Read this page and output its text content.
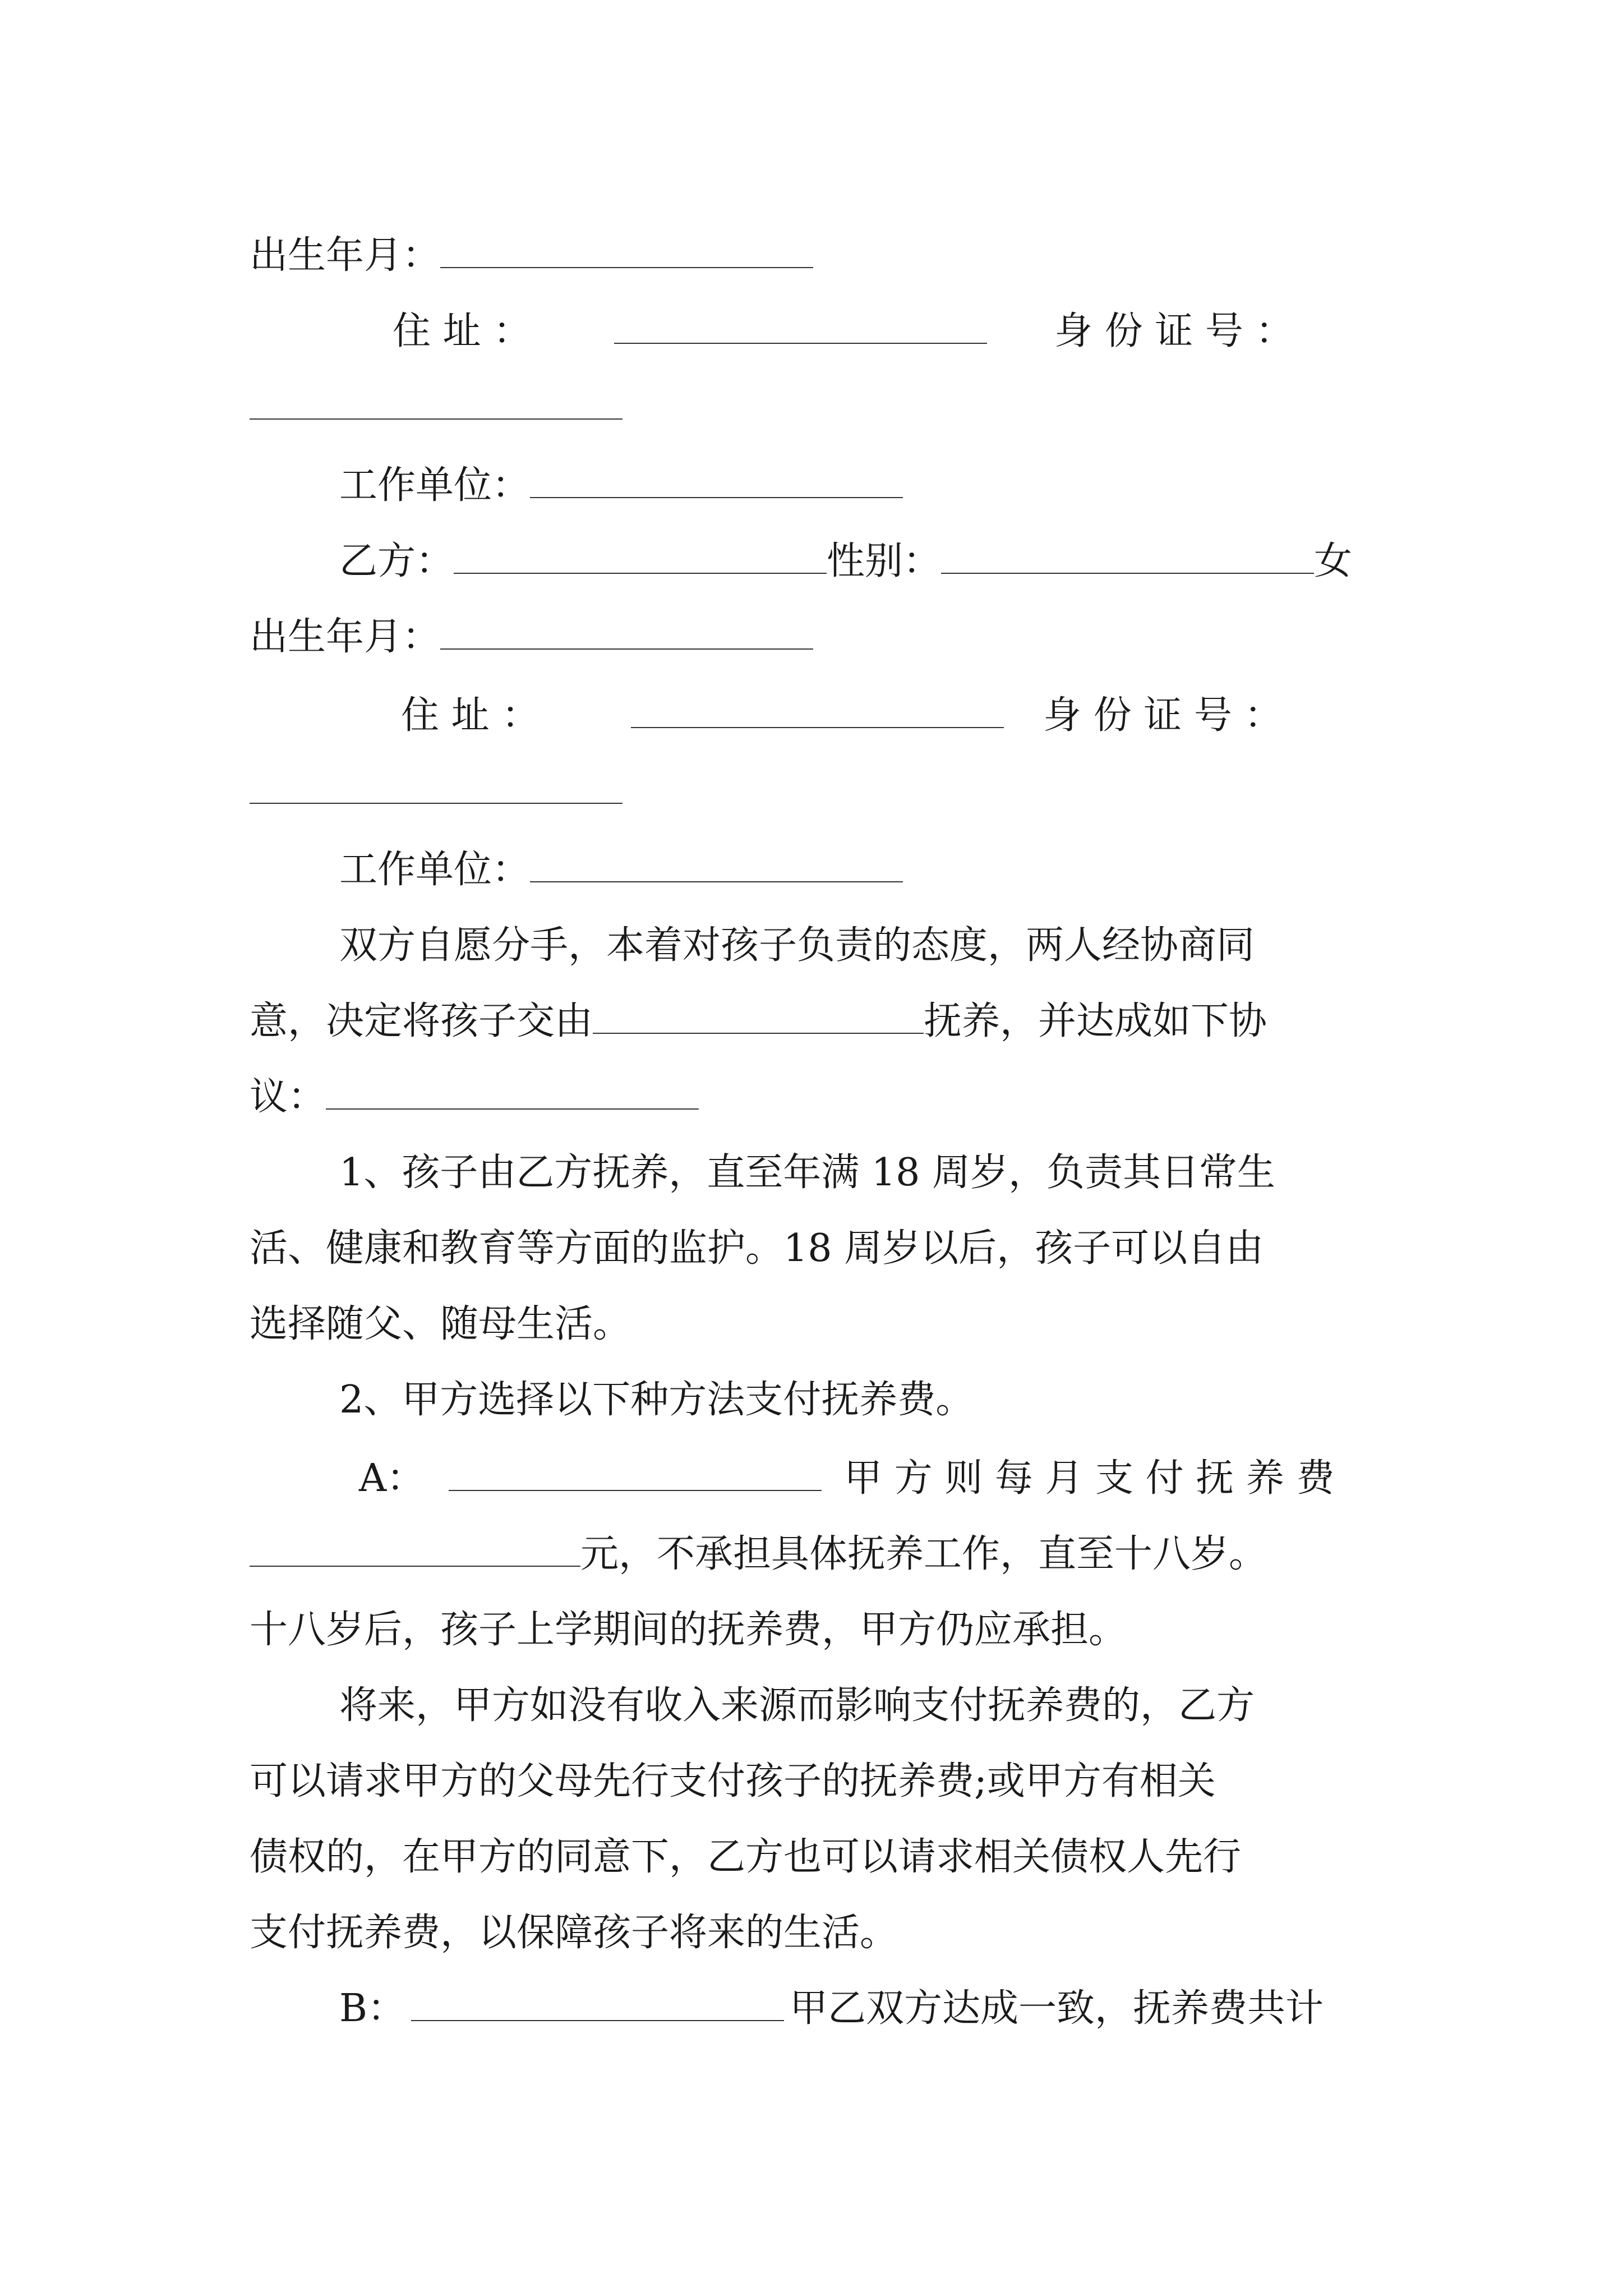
出生年月：
住 址 ：	身 份 证 号 ：
工作单位：
乙方：	性别：	女
出生年月：
住 址 ：	身 份 证 号 ：
工作单位：
双方自愿分手，本着对孩子负责的态度，两人经协商同
意，决定将孩子交由	抚养，并达成如下协
议：
1、孩子由乙方抚养，直至年满 18 周岁，负责其日常生
活、健康和教育等方面的监护。18 周岁以后，孩子可以自由
选择随父、随母生活。
2、甲方选择以下种方法支付抚养费。
A：	甲 方 则 每 月 支 付 抚 养 费
元，不承担具体抚养工作，直至十八岁。
十八岁后，孩子上学期间的抚养费，甲方仍应承担。
将来，甲方如没有收入来源而影响支付抚养费的，乙方
可以请求甲方的父母先行支付孩子的抚养费;或甲方有相关
债权的，在甲方的同意下，乙方也可以请求相关债权人先行
支付抚养费，以保障孩子将来的生活。
B：	甲乙双方达成一致，抚养费共计
